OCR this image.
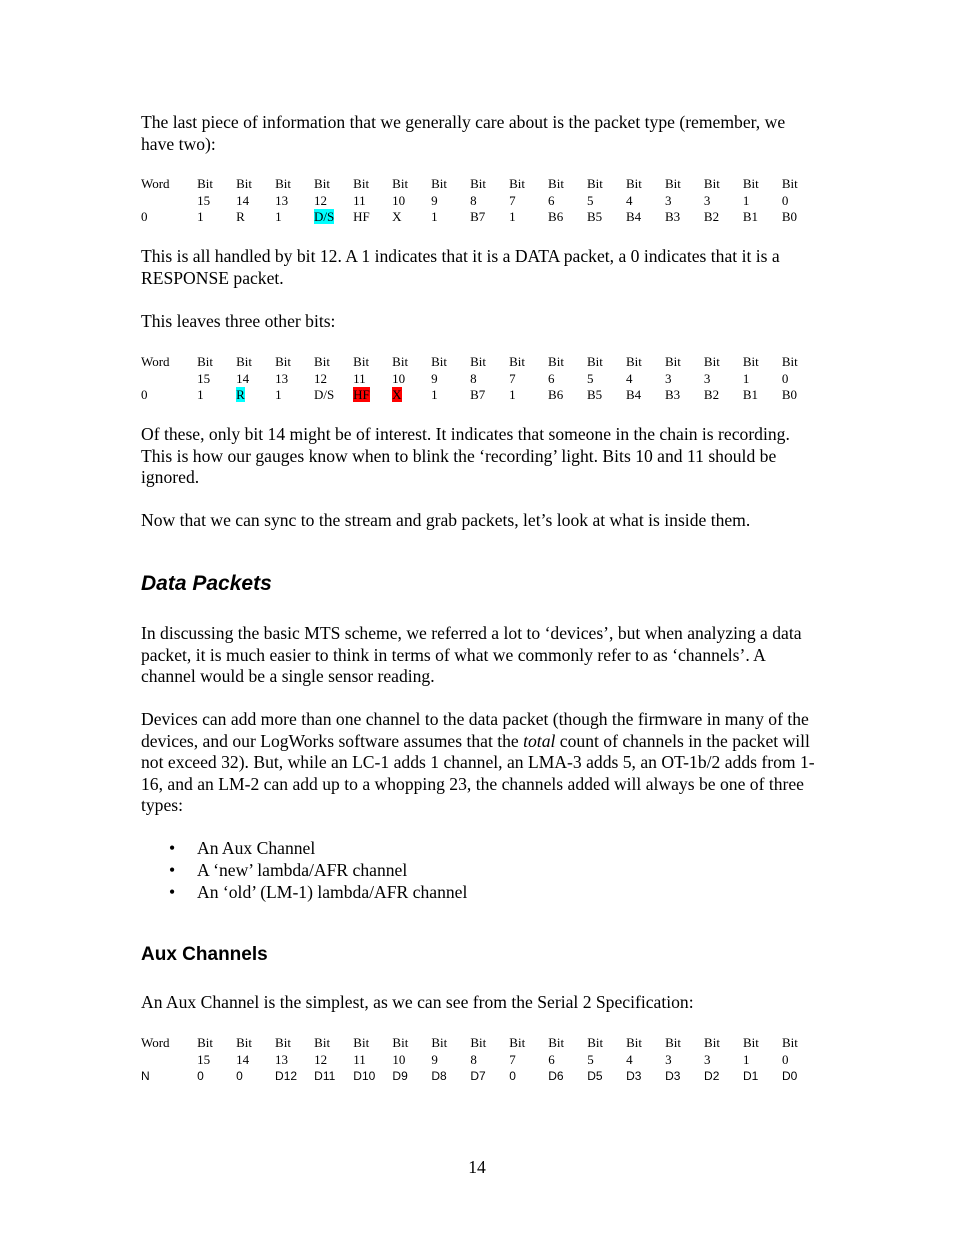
The last piece of information that we generally care about is the packet type (remember, we have two):

Word	Bit	Bit	Bit	Bit	Bit	Bit	Bit	Bit	Bit	Bit	Bit	Bit	Bit	Bit	Bit	Bit
	15	14	13	12	11	10	9	8	7	6	5	4	3	3	1	0
0	1	R	1	D/S	HF	X	1	B7	1	B6	B5	B4	B3	B2	B1	B0

This is all handled by bit 12. A 1 indicates that it is a DATA packet, a 0 indicates that it is a RESPONSE packet.

This leaves three other bits:

Word	Bit	Bit	Bit	Bit	Bit	Bit	Bit	Bit	Bit	Bit	Bit	Bit	Bit	Bit	Bit	Bit
	15	14	13	12	11	10	9	8	7	6	5	4	3	3	1	0
0	1	R	1	D/S	HF	X	1	B7	1	B6	B5	B4	B3	B2	B1	B0

Of these, only bit 14 might be of interest. It indicates that someone in the chain is recording. This is how our gauges know when to blink the ‘recording’ light. Bits 10 and 11 should be ignored.

Now that we can sync to the stream and grab packets, let’s look at what is inside them.

Data Packets

In discussing the basic MTS scheme, we referred a lot to ‘devices’, but when analyzing a data packet, it is much easier to think in terms of what we commonly refer to as ‘channels’. A channel would be a single sensor reading.

Devices can add more than one channel to the data packet (though the firmware in many of the devices, and our LogWorks software assumes that the total count of channels in the packet will not exceed 32). But, while an LC-1 adds 1 channel, an LMA-3 adds 5, an OT-1b/2 adds from 1-16, and an LM-2 can add up to a whopping 23, the channels added will always be one of three types:

• An Aux Channel
• A ‘new’ lambda/AFR channel
• An ‘old’ (LM-1) lambda/AFR channel
Aux Channels

An Aux Channel is the simplest, as we can see from the Serial 2 Specification:

Word	Bit	Bit	Bit	Bit	Bit	Bit	Bit	Bit	Bit	Bit	Bit	Bit	Bit	Bit	Bit	Bit
	15	14	13	12	11	10	9	8	7	6	5	4	3	3	1	0
N	0	0	D12	D11	D10	D9	D8	D7	0	D6	D5	D3	D3	D2	D1	D0
14
